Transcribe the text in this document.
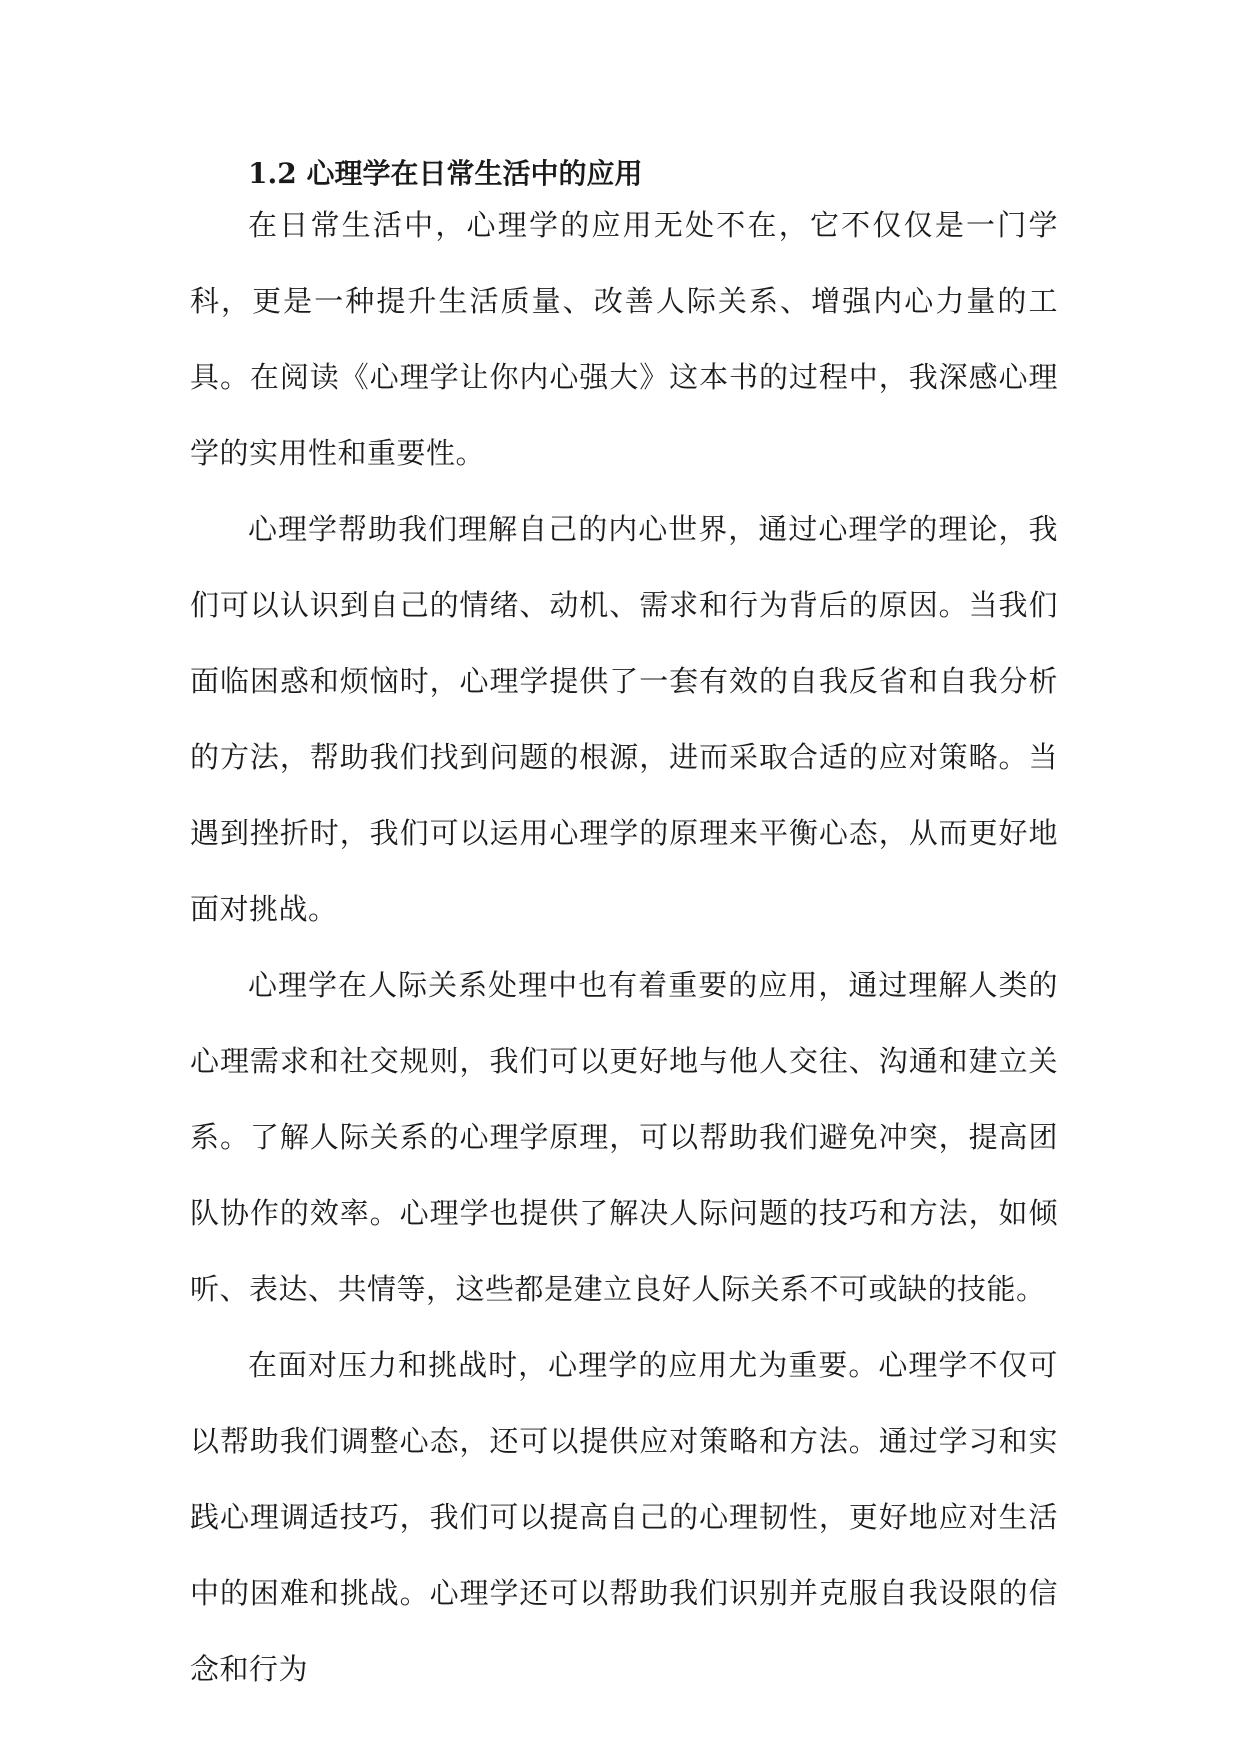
1.2 心理学在日常生活中的应用

在日常生活中，心理学的应用无处不在，它不仅仅是一门学科，更是一种提升生活质量、改善人际关系、增强内心力量的工具。在阅读《心理学让你内心强大》这本书的过程中，我深感心理学的实用性和重要性。

心理学帮助我们理解自己的内心世界，通过心理学的理论，我们可以认识到自己的情绪、动机、需求和行为背后的原因。当我们面临困惑和烦恼时，心理学提供了一套有效的自我反省和自我分析的方法，帮助我们找到问题的根源，进而采取合适的应对策略。当遇到挫折时，我们可以运用心理学的原理来平衡心态，从而更好地面对挑战。

心理学在人际关系处理中也有着重要的应用，通过理解人类的心理需求和社交规则，我们可以更好地与他人交往、沟通和建立关系。了解人际关系的心理学原理，可以帮助我们避免冲突，提高团队协作的效率。心理学也提供了解决人际问题的技巧和方法，如倾听、表达、共情等，这些都是建立良好人际关系不可或缺的技能。

在面对压力和挑战时，心理学的应用尤为重要。心理学不仅可以帮助我们调整心态，还可以提供应对策略和方法。通过学习和实践心理调适技巧，我们可以提高自己的心理韧性，更好地应对生活中的困难和挑战。心理学还可以帮助我们识别并克服自我设限的信念和行为
